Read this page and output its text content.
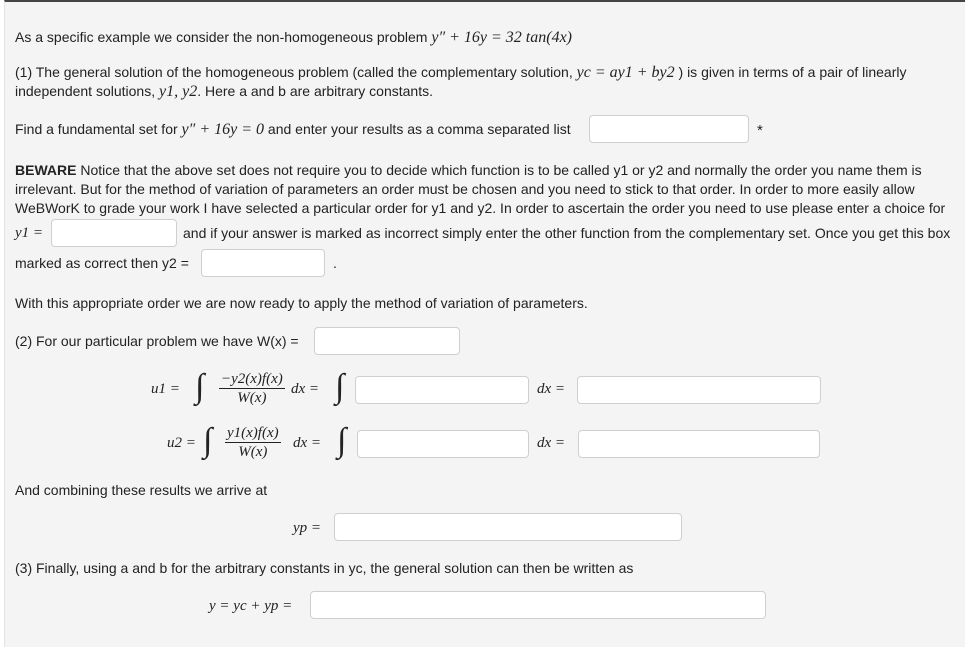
As a specific example we consider the non-homogeneous problem y″ + 16y = 32 tan(4x)
(1) The general solution of the homogeneous problem (called the complementary solution, yc = ay1 + by2 ) is given in terms of a pair of linearly
independent solutions, y1, y2. Here a and b are arbitrary constants.
Find a fundamental set for y″ + 16y = 0 and enter your results as a comma separated list	*
BEWARE Notice that the above set does not require you to decide which function is to be called y1 or y2 and normally the order you name them is
irrelevant. But for the method of variation of parameters an order must be chosen and you need to stick to that order. In order to more easily allow
WeBWorK to grade your work I have selected a particular order for y1 and y2. In order to ascertain the order you need to use please enter a choice for
y1 =	and if your answer is marked as incorrect simply enter the other function from the complementary set. Once you get this box
marked as correct then y2 =	.
With this appropriate order we are now ready to apply the method of variation of parameters.
(2) For our particular problem we have W(x) =
u1 = ∫ $\frac{-y2(x)f(x)}{W(x)}$ dx = ∫	dx =
u2 = ∫ $\frac{y1(x)f(x)}{W(x)}$ dx = ∫	dx =
And combining these results we arrive at
yp =
(3) Finally, using a and b for the arbitrary constants in yc, the general solution can then be written as
y = yc + yp =
